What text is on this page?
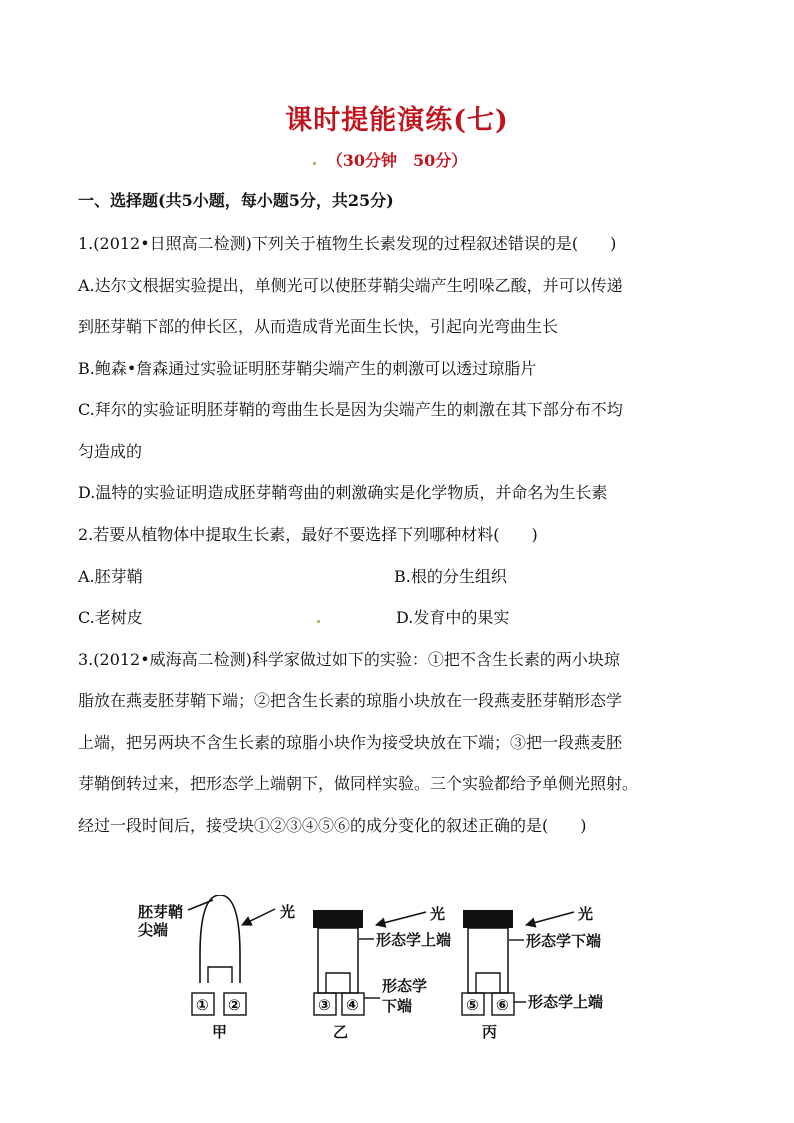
课时提能演练(七)
（30分钟　50分）
一、选择题(共5小题，每小题5分，共25分)
1.(2012•日照高二检测)下列关于植物生长素发现的过程叙述错误的是(　　)
A.达尔文根据实验提出，单侧光可以使胚芽鞘尖端产生吲哚乙酸，并可以传递
到胚芽鞘下部的伸长区，从而造成背光面生长快，引起向光弯曲生长
B.鲍森•詹森通过实验证明胚芽鞘尖端产生的刺激可以透过琼脂片
C.拜尔的实验证明胚芽鞘的弯曲生长是因为尖端产生的刺激在其下部分布不均
匀造成的
D.温特的实验证明造成胚芽鞘弯曲的刺激确实是化学物质，并命名为生长素
2.若要从植物体中提取生长素，最好不要选择下列哪种材料(　　)
A.胚芽鞘	B.根的分生组织
C.老树皮	D.发育中的果实
3.(2012•威海高二检测)科学家做过如下的实验：①把不含生长素的两小块琼
脂放在燕麦胚芽鞘下端；②把含生长素的琼脂小块放在一段燕麦胚芽鞘形态学
上端，把另两块不含生长素的琼脂小块作为接受块放在下端；③把一段燕麦胚
芽鞘倒转过来，把形态学上端朝下，做同样实验。三个实验都给予单侧光照射。
经过一段时间后，接受块①②③④⑤⑥的成分变化的叙述正确的是(　　)
胚芽鞘
尖端
光
① ②
甲
光
形态学上端
③ ④
形态学
下端
乙
光
形态学下端
⑤ ⑥ 形态学上端
丙
